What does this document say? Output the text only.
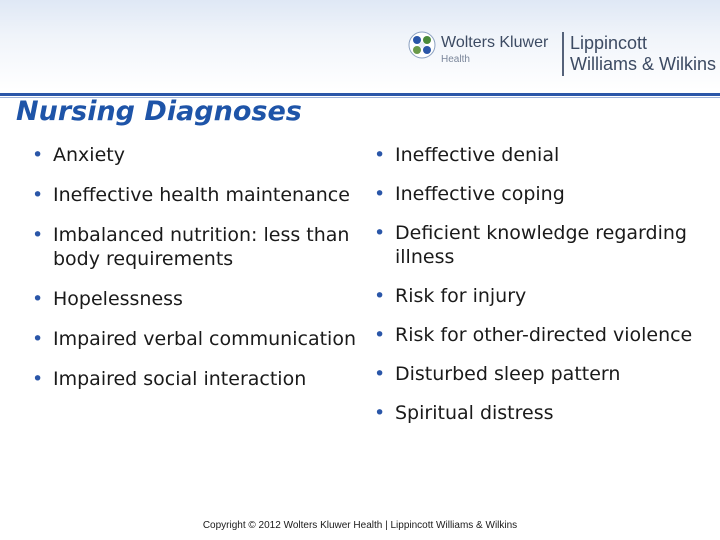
Wolters Kluwer
Health
Lippincott
Williams & Wilkins
Nursing Diagnoses
• Anxiety
• Ineffective health maintenance
• Imbalanced nutrition: less than body requirements
• Hopelessness
• Impaired verbal communication
• Impaired social interaction
• Ineffective denial
• Ineffective coping
• Deficient knowledge regarding illness
• Risk for injury
• Risk for other-directed violence
• Disturbed sleep pattern
• Spiritual distress
Copyright © 2012 Wolters Kluwer Health | Lippincott Williams & Wilkins
